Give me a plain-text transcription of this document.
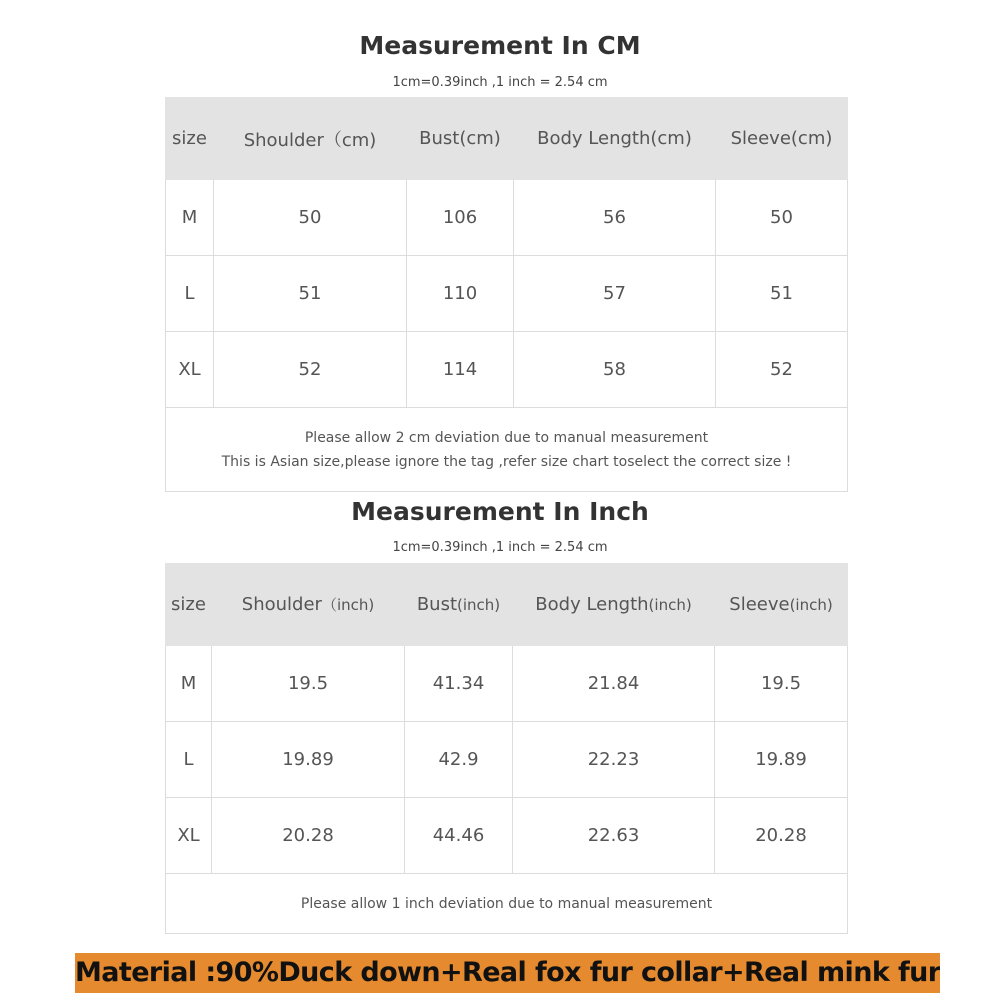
Measurement In CM
1cm=0.39inch ,1 inch = 2.54 cm
size	Shoulder（cm)	Bust(cm)	Body Length(cm)	Sleeve(cm)
M	50	106	56	50
L	51	110	57	51
XL	52	114	58	52

Please allow 2 cm deviation due to manual measurement
This is Asian size,please ignore the tag ,refer size chart toselect the correct size !				
Measurement In Inch
1cm=0.39inch ,1 inch = 2.54 cm
size	Shoulder（inch)	Bust(inch)	Body Length(inch)	Sleeve(inch)
M	19.5	41.34	21.84	19.5
L	19.89	42.9	22.23	19.89
XL	20.28	44.46	22.63	20.28
Please allow 1 inch deviation due to manual measurement				
Material :90%Duck down+Real fox fur collar+Real mink fur
